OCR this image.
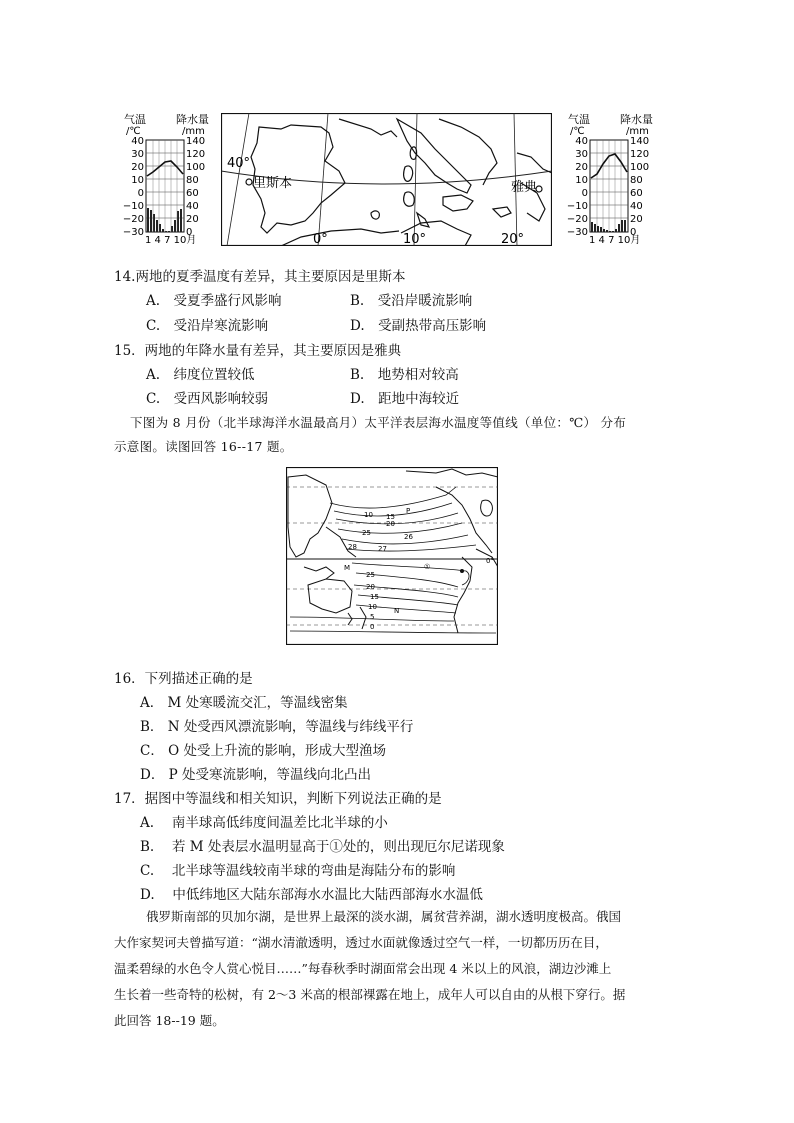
气温	降水量
/℃	/mm
40
30
20
10
0
−10
−20
−30
140
120
100
80
60
40
20
0
1 4 7 10月
40°
里斯本	雅典
0°	10°	20°
气温	降水量
/℃	/mm
40
30
20
10
0
−10
−20
−30
140
120
100
80
60
40
20
0
1 4 7 10月
14.两地的夏季温度有差异，其主要原因是里斯本
A.　受夏季盛行风影响	B.　受沿岸暖流影响
C.　受沿岸寒流影响	D.　受副热带高压影响
15．两地的年降水量有差异，其主要原因是雅典
A.　纬度位置较低	B.　地势相对较高
C.　受西风影响较弱	D.　距地中海较近
下图为 8 月份（北半球海洋水温最高月）太平洋表层海水温度等值线（单位：℃） 分布
示意图。读图回答 16--17 题。
10 15
20
25
28
26
27
P
M	①
25
20
15
10
5
0
N
0°
16．下列描述正确的是
A． M 处寒暖流交汇，等温线密集
B． N 处受西风漂流影响，等温线与纬线平行
C． O 处受上升流的影响，形成大型渔场
D． P 处受寒流影响，等温线向北凸出
17．据图中等温线和相关知识，判断下列说法正确的是
A.　 南半球高低纬度间温差比北半球的小
B.　 若 M 处表层水温明显高于①处的，则出现厄尔尼诺现象
C.　 北半球等温线较南半球的弯曲是海陆分布的影响
D.　 中低纬地区大陆东部海水水温比大陆西部海水水温低
俄罗斯南部的贝加尔湖，是世界上最深的淡水湖，属贫营养湖，湖水透明度极高。俄国
大作家契诃夫曾描写道：“湖水清澈透明，透过水面就像透过空气一样，一切都历历在目，
温柔碧绿的水色令人赏心悦目……”每春秋季时湖面常会出现 4 米以上的风浪，湖边沙滩上
生长着一些奇特的松树，有 2～3 米高的根部裸露在地上，成年人可以自由的从根下穿行。据
此回答 18--19 题。
